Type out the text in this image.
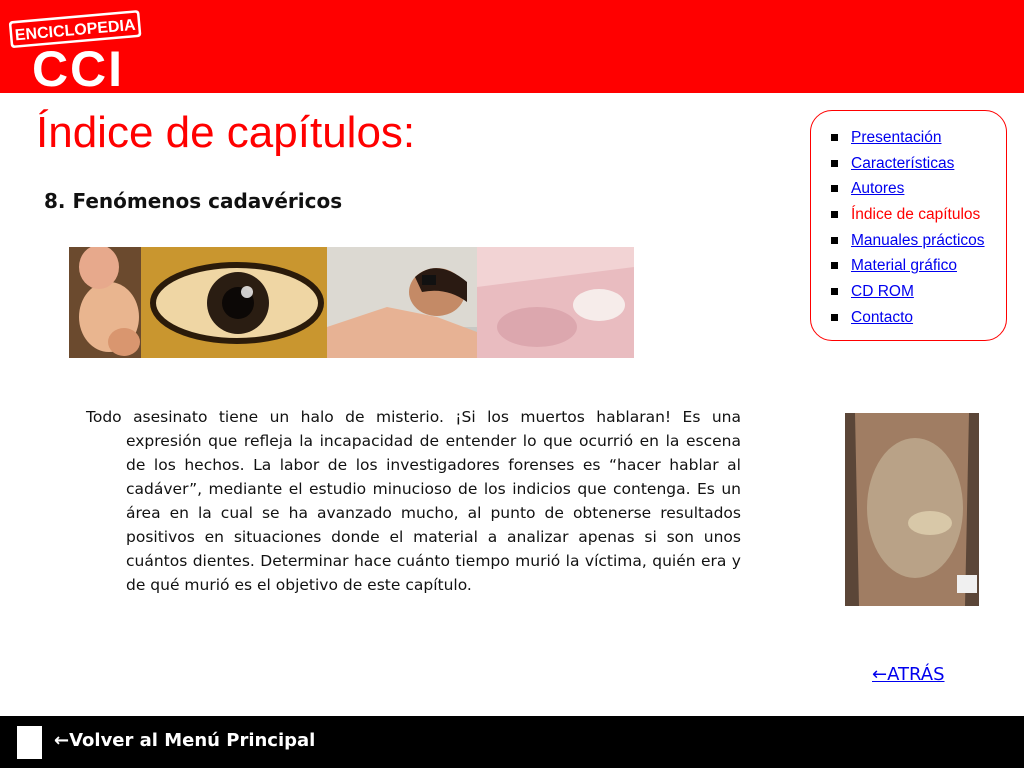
ENCICLOPEDIA
CCI
Índice de capítulos:
8. Fenómenos cadavéricos

Todo asesinato tiene un halo de misterio. ¡Si los muertos hablaran! Es una expresión que refleja la incapacidad de entender lo que ocurrió en la escena de los hechos. La labor de los investigadores forenses es “hacer hablar al cadáver”, mediante el estudio minucioso de los indicios que contenga. Es un área en la cual se ha avanzado mucho, al punto de obtenerse resultados positivos en situaciones donde el material a analizar apenas si son unos cuántos dientes. Determinar hace cuánto tiempo murió la víctima, quién era y de qué murió es el objetivo de este capítulo.

Presentación
Características
Autores
Índice de capítulos
Manuales prácticos
Material gráfico
CD ROM
Contacto
←ATRÁS
←Volver al Menú Principal
